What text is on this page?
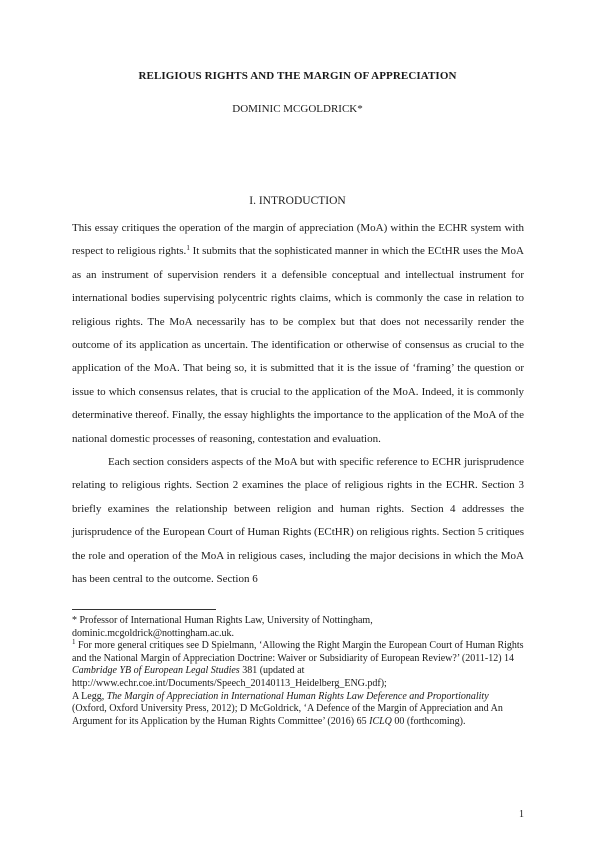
RELIGIOUS RIGHTS AND THE MARGIN OF APPRECIATION
DOMINIC MCGOLDRICK*
I. INTRODUCTION

This essay critiques the operation of the margin of appreciation (MoA) within the ECHR system with respect to religious rights.$^1$ It submits that the sophisticated manner in which the ECtHR uses the MoA as an instrument of supervision renders it a defensible conceptual and intellectual instrument for international bodies supervising polycentric rights claims, which is commonly the case in relation to religious rights. The MoA necessarily has to be complex but that does not necessarily render the outcome of its application as uncertain. The identification or otherwise of consensus as crucial to the application of the MoA. That being so, it is submitted that it is the issue of ‘framing’ the question or issue to which consensus relates, that is crucial to the application of the MoA. Indeed, it is commonly determinative thereof. Finally, the essay highlights the importance to the application of the MoA of the national domestic processes of reasoning, contestation and evaluation.

Each section considers aspects of the MoA but with specific reference to ECHR jurisprudence relating to religious rights. Section 2 examines the place of religious rights in the ECHR. Section 3 briefly examines the relationship between religion and human rights. Section 4 addresses the jurisprudence of the European Court of Human Rights (ECtHR) on religious rights. Section 5 critiques the role and operation of the MoA in religious cases, including the major decisions in which the MoA has been central to the outcome. Section 6

* Professor of International Human Rights Law, University of Nottingham,

dominic.mcgoldrick@nottingham.ac.uk.

$^1$ For more general critiques see D Spielmann, ‘Allowing the Right Margin the European Court of Human Rights and the National Margin of Appreciation Doctrine: Waiver or Subsidiarity of European Review?’ (2011-12) 14 Cambridge YB of European Legal Studies 381 (updated at

http://www.echr.coe.int/Documents/Speech_20140113_Heidelberg_ENG.pdf);

A Legg, The Margin of Appreciation in International Human Rights Law Deference and Proportionality (Oxford, Oxford University Press, 2012); D McGoldrick, ‘A Defence of the Margin of Appreciation and An Argument for its Application by the Human Rights Committee’ (2016) 65 ICLQ 00 (forthcoming).

1
